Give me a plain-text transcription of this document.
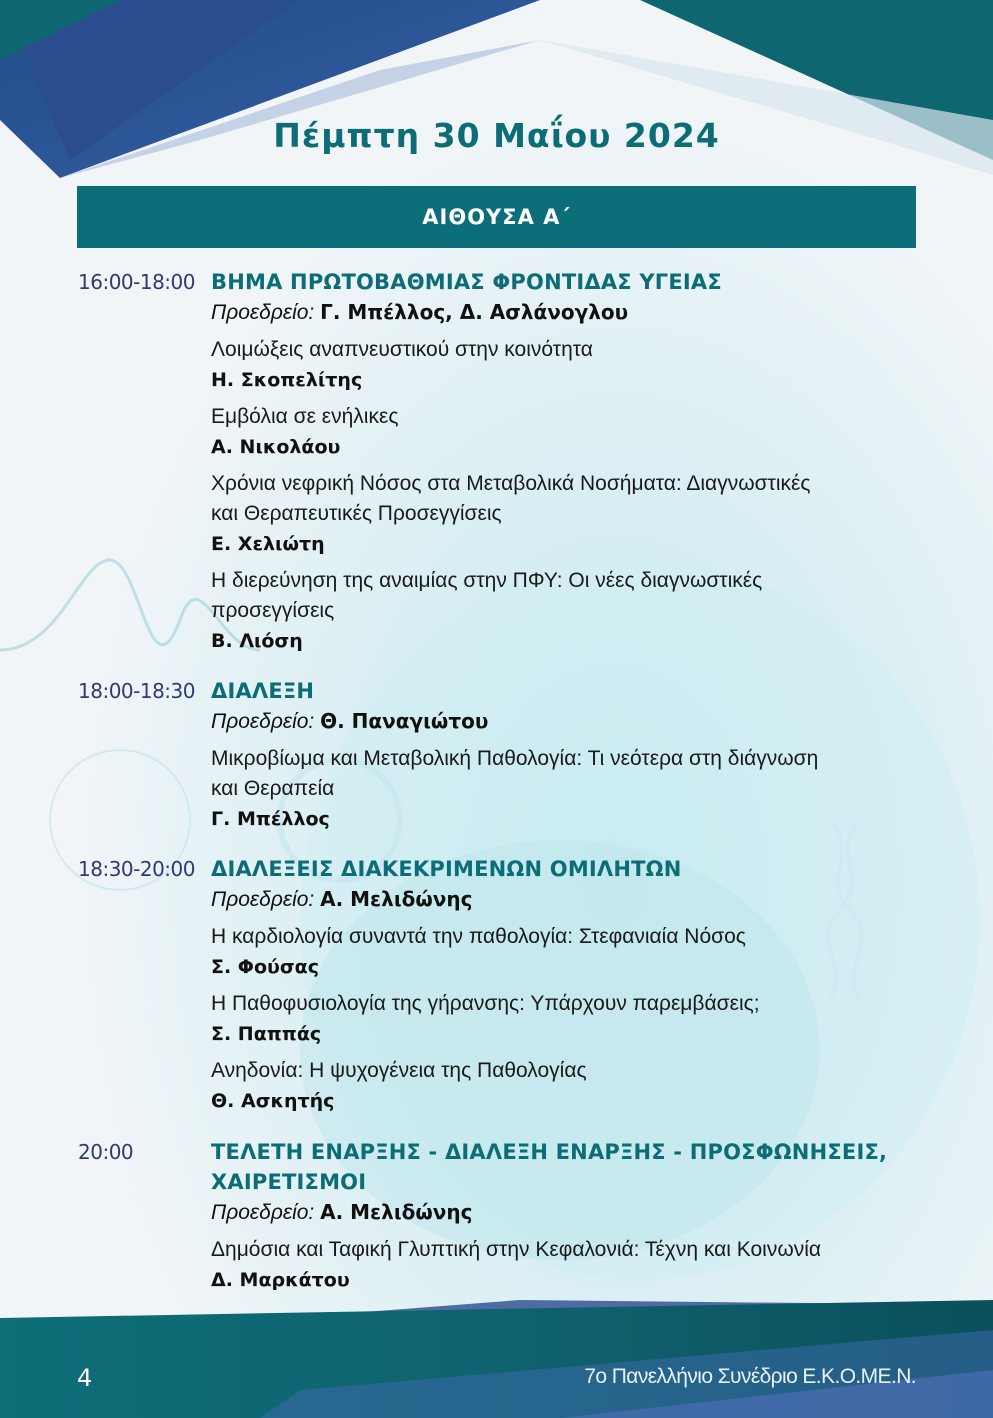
Πέμπτη 30 Μαΐου 2024
ΑΙΘΟΥΣΑ Α΄
16:00-18:00 ΒΗΜΑ ΠΡΩΤΟΒΑΘΜΙΑΣ ΦΡΟΝΤΙΔΑΣ ΥΓΕΙΑΣ
Προεδρείο: Γ. Μπέλλος, Δ. Ασλάνογλου
Λοιμώξεις αναπνευστικού στην κοινότητα
Η. Σκοπελίτης
Εμβόλια σε ενήλικες
Α. Νικολάου
Χρόνια νεφρική Νόσος στα Μεταβολικά Νοσήματα: Διαγνωστικές
και Θεραπευτικές Προσεγγίσεις
Ε. Χελιώτη
Η διερεύνηση της αναιμίας στην ΠΦΥ: Οι νέες διαγνωστικές
προσεγγίσεις
Β. Λιόση
18:00-18:30 ΔΙΑΛΕΞΗ
Προεδρείο: Θ. Παναγιώτου
Μικροβίωμα και Μεταβολική Παθολογία: Τι νεότερα στη διάγνωση
και Θεραπεία
Γ. Μπέλλος
18:30-20:00 ΔΙΑΛΕΞΕΙΣ ΔΙΑΚΕΚΡΙΜΕΝΩΝ ΟΜΙΛΗΤΩΝ
Προεδρείο: Α. Μελιδώνης
Η καρδιολογία συναντά την παθολογία: Στεφανιαία Νόσος
Σ. Φούσας
Η Παθοφυσιολογία της γήρανσης: Υπάρχουν παρεμβάσεις;
Σ. Παππάς
Ανηδονία: Η ψυχογένεια της Παθολογίας
Θ. Ασκητής
20:00	ΤΕΛΕΤΗ ΕΝΑΡΞΗΣ - ΔΙΑΛΕΞΗ ΕΝΑΡΞΗΣ - ΠΡΟΣΦΩΝΗΣΕΙΣ,
ΧΑΙΡΕΤΙΣΜΟΙ
Προεδρείο: Α. Μελιδώνης
Δημόσια και Ταφική Γλυπτική στην Κεφαλονιά: Τέχνη και Κοινωνία
Δ. Μαρκάτου
4	7ο Πανελλήνιο Συνέδριο Ε.Κ.Ο.ΜΕ.Ν.
